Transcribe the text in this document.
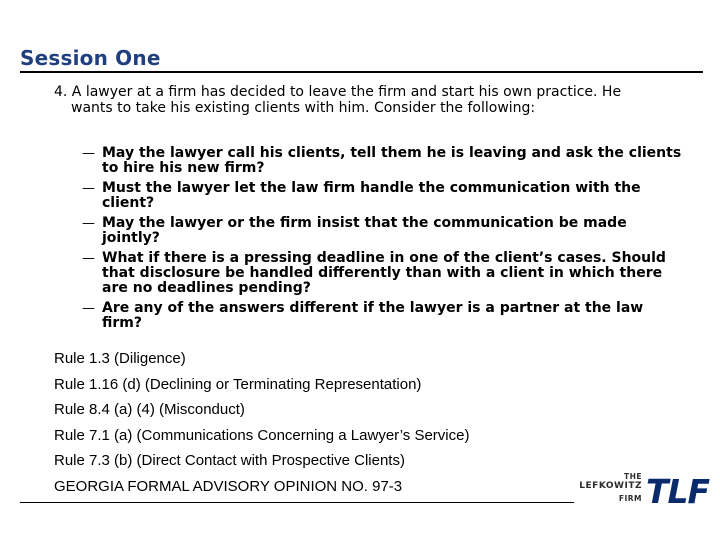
Session One
4. A lawyer at a firm has decided to leave the firm and start his own practice. He
wants to take his existing clients with him. Consider the following:
— May the lawyer call his clients, tell them he is leaving and ask the clients to hire his new firm?
— Must the lawyer let the law firm handle the communication with the client?
— May the lawyer or the firm insist that the communication be made jointly?
— What if there is a pressing deadline in one of the client’s cases. Should that disclosure be handled differently than with a client in which there are no deadlines pending?
— Are any of the answers different if the lawyer is a partner at the law firm?
Rule 1.3 (Diligence)
Rule 1.16 (d) (Declining or Terminating Representation)
Rule 8.4 (a) (4) (Misconduct)
Rule 7.1 (a) (Communications Concerning a Lawyer’s Service)
Rule 7.3 (b) (Direct Contact with Prospective Clients)
GEORGIA FORMAL ADVISORY OPINION NO. 97-3
THE
LEFKOWITZ
FIRM TLF
